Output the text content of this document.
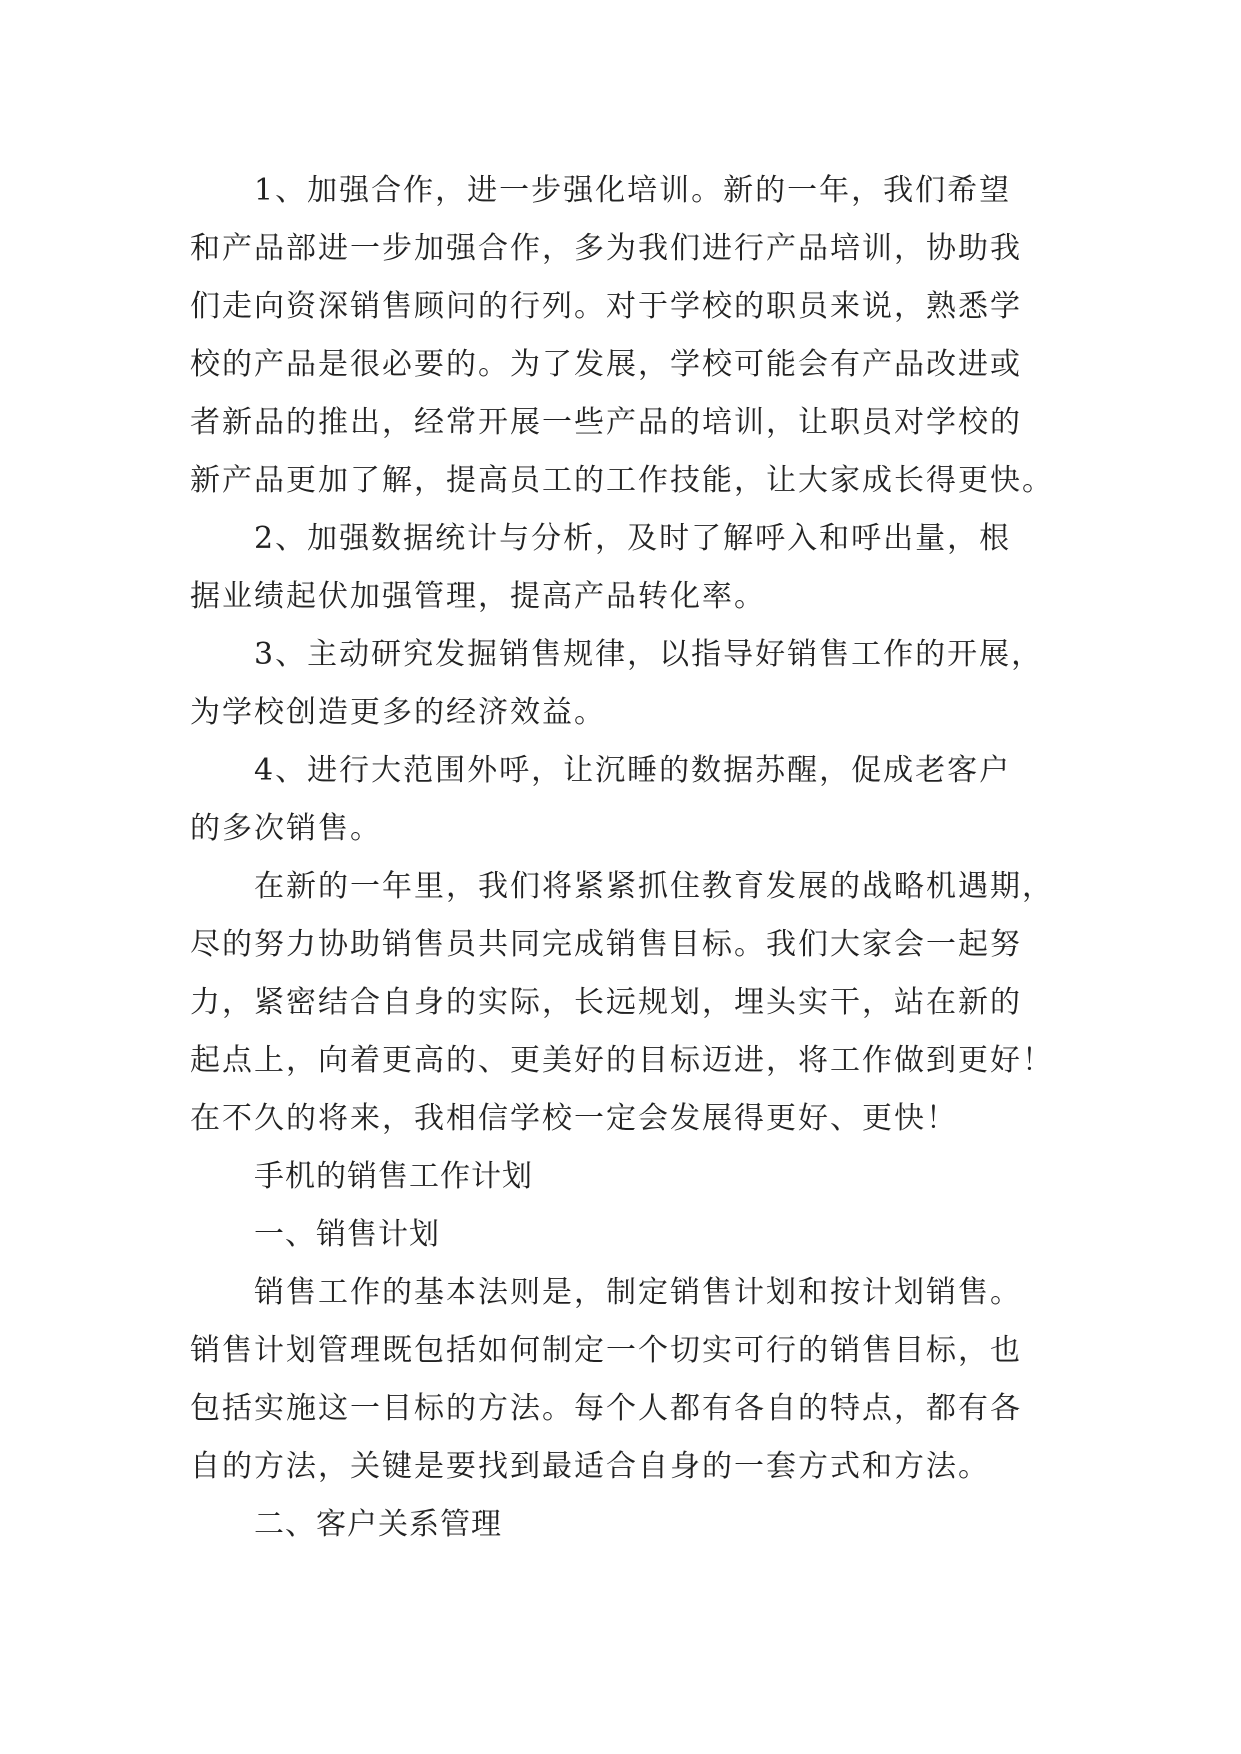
1、加强合作，进一步强化培训。新的一年，我们希望
和产品部进一步加强合作，多为我们进行产品培训，协助我
们走向资深销售顾问的行列。对于学校的职员来说，熟悉学
校的产品是很必要的。为了发展，学校可能会有产品改进或
者新品的推出，经常开展一些产品的培训，让职员对学校的
新产品更加了解，提高员工的工作技能，让大家成长得更快。
2、加强数据统计与分析，及时了解呼入和呼出量，根
据业绩起伏加强管理，提高产品转化率。
3、主动研究发掘销售规律，以指导好销售工作的开展，
为学校创造更多的经济效益。
4、进行大范围外呼，让沉睡的数据苏醒，促成老客户
的多次销售。
在新的一年里，我们将紧紧抓住教育发展的战略机遇期，
尽的努力协助销售员共同完成销售目标。我们大家会一起努
力，紧密结合自身的实际，长远规划，埋头实干，站在新的
起点上，向着更高的、更美好的目标迈进，将工作做到更好！
在不久的将来，我相信学校一定会发展得更好、更快！
手机的销售工作计划
一、销售计划
销售工作的基本法则是，制定销售计划和按计划销售。
销售计划管理既包括如何制定一个切实可行的销售目标，也
包括实施这一目标的方法。每个人都有各自的特点，都有各
自的方法，关键是要找到最适合自身的一套方式和方法。
二、客户关系管理
